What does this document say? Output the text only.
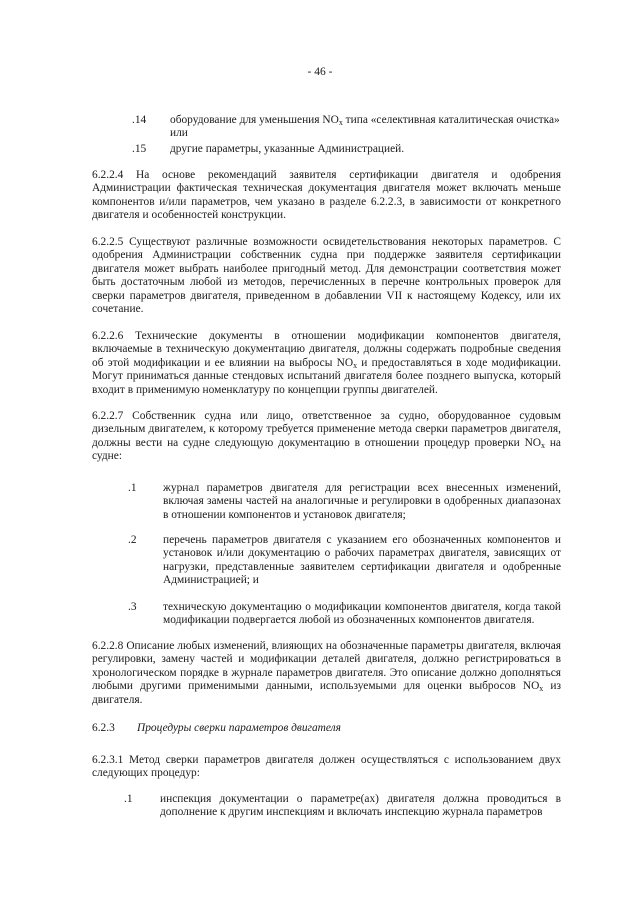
- 46 -
.14 оборудование для уменьшения $NO_x$ типа «селективная каталитическая очистка»
или
.15 другие параметры, указанные Администрацией.
6.2.2.4 На основе рекомендаций заявителя сертификации двигателя и одобрения Администрации фактическая техническая документация двигателя может включать меньше компонентов и/или параметров, чем указано в разделе 6.2.2.3, в зависимости от конкретного двигателя и особенностей конструкции.
6.2.2.5 Существуют различные возможности освидетельствования некоторых параметров. С одобрения Администрации собственник судна при поддержке заявителя сертификации двигателя может выбрать наиболее пригодный метод. Для демонстрации соответствия может быть достаточным любой из методов, перечисленных в перечне контрольных проверок для сверки параметров двигателя, приведенном в добавлении VII к настоящему Кодексу, или их сочетание.
6.2.2.6 Технические документы в отношении модификации компонентов двигателя, включаемые в техническую документацию двигателя, должны содержать подробные сведения об этой модификации и ее влиянии на выбросы $NO_x$ и предоставляться в ходе модификации. Могут приниматься данные стендовых испытаний двигателя более позднего выпуска, который входит в применимую номенклатуру по концепции группы двигателей.
6.2.2.7 Собственник судна или лицо, ответственное за судно, оборудованное судовым дизельным двигателем, к которому требуется применение метода сверки параметров двигателя, должны вести на судне следующую документацию в отношении процедур проверки $NO_x$ на судне:
.1 журнал параметров двигателя для регистрации всех внесенных изменений, включая замены частей на аналогичные и регулировки в одобренных диапазонах в отношении компонентов и установок двигателя;
.2 перечень параметров двигателя с указанием его обозначенных компонентов и установок и/или документацию о рабочих параметрах двигателя, зависящих от нагрузки, представленные заявителем сертификации двигателя и одобренные Администрацией; и
.3 техническую документацию о модификации компонентов двигателя, когда такой модификации подвергается любой из обозначенных компонентов двигателя.
6.2.2.8 Описание любых изменений, влияющих на обозначенные параметры двигателя, включая регулировки, замену частей и модификации деталей двигателя, должно регистрироваться в хронологическом порядке в журнале параметров двигателя. Это описание должно дополняться любыми другими применимыми данными, используемыми для оценки выбросов $NO_x$ из двигателя.
6.2.3 Процедуры сверки параметров двигателя
6.2.3.1 Метод сверки параметров двигателя должен осуществляться с использованием двух следующих процедур:
.1 инспекция документации о параметре(ах) двигателя должна проводиться в дополнение к другим инспекциям и включать инспекцию журнала параметров
